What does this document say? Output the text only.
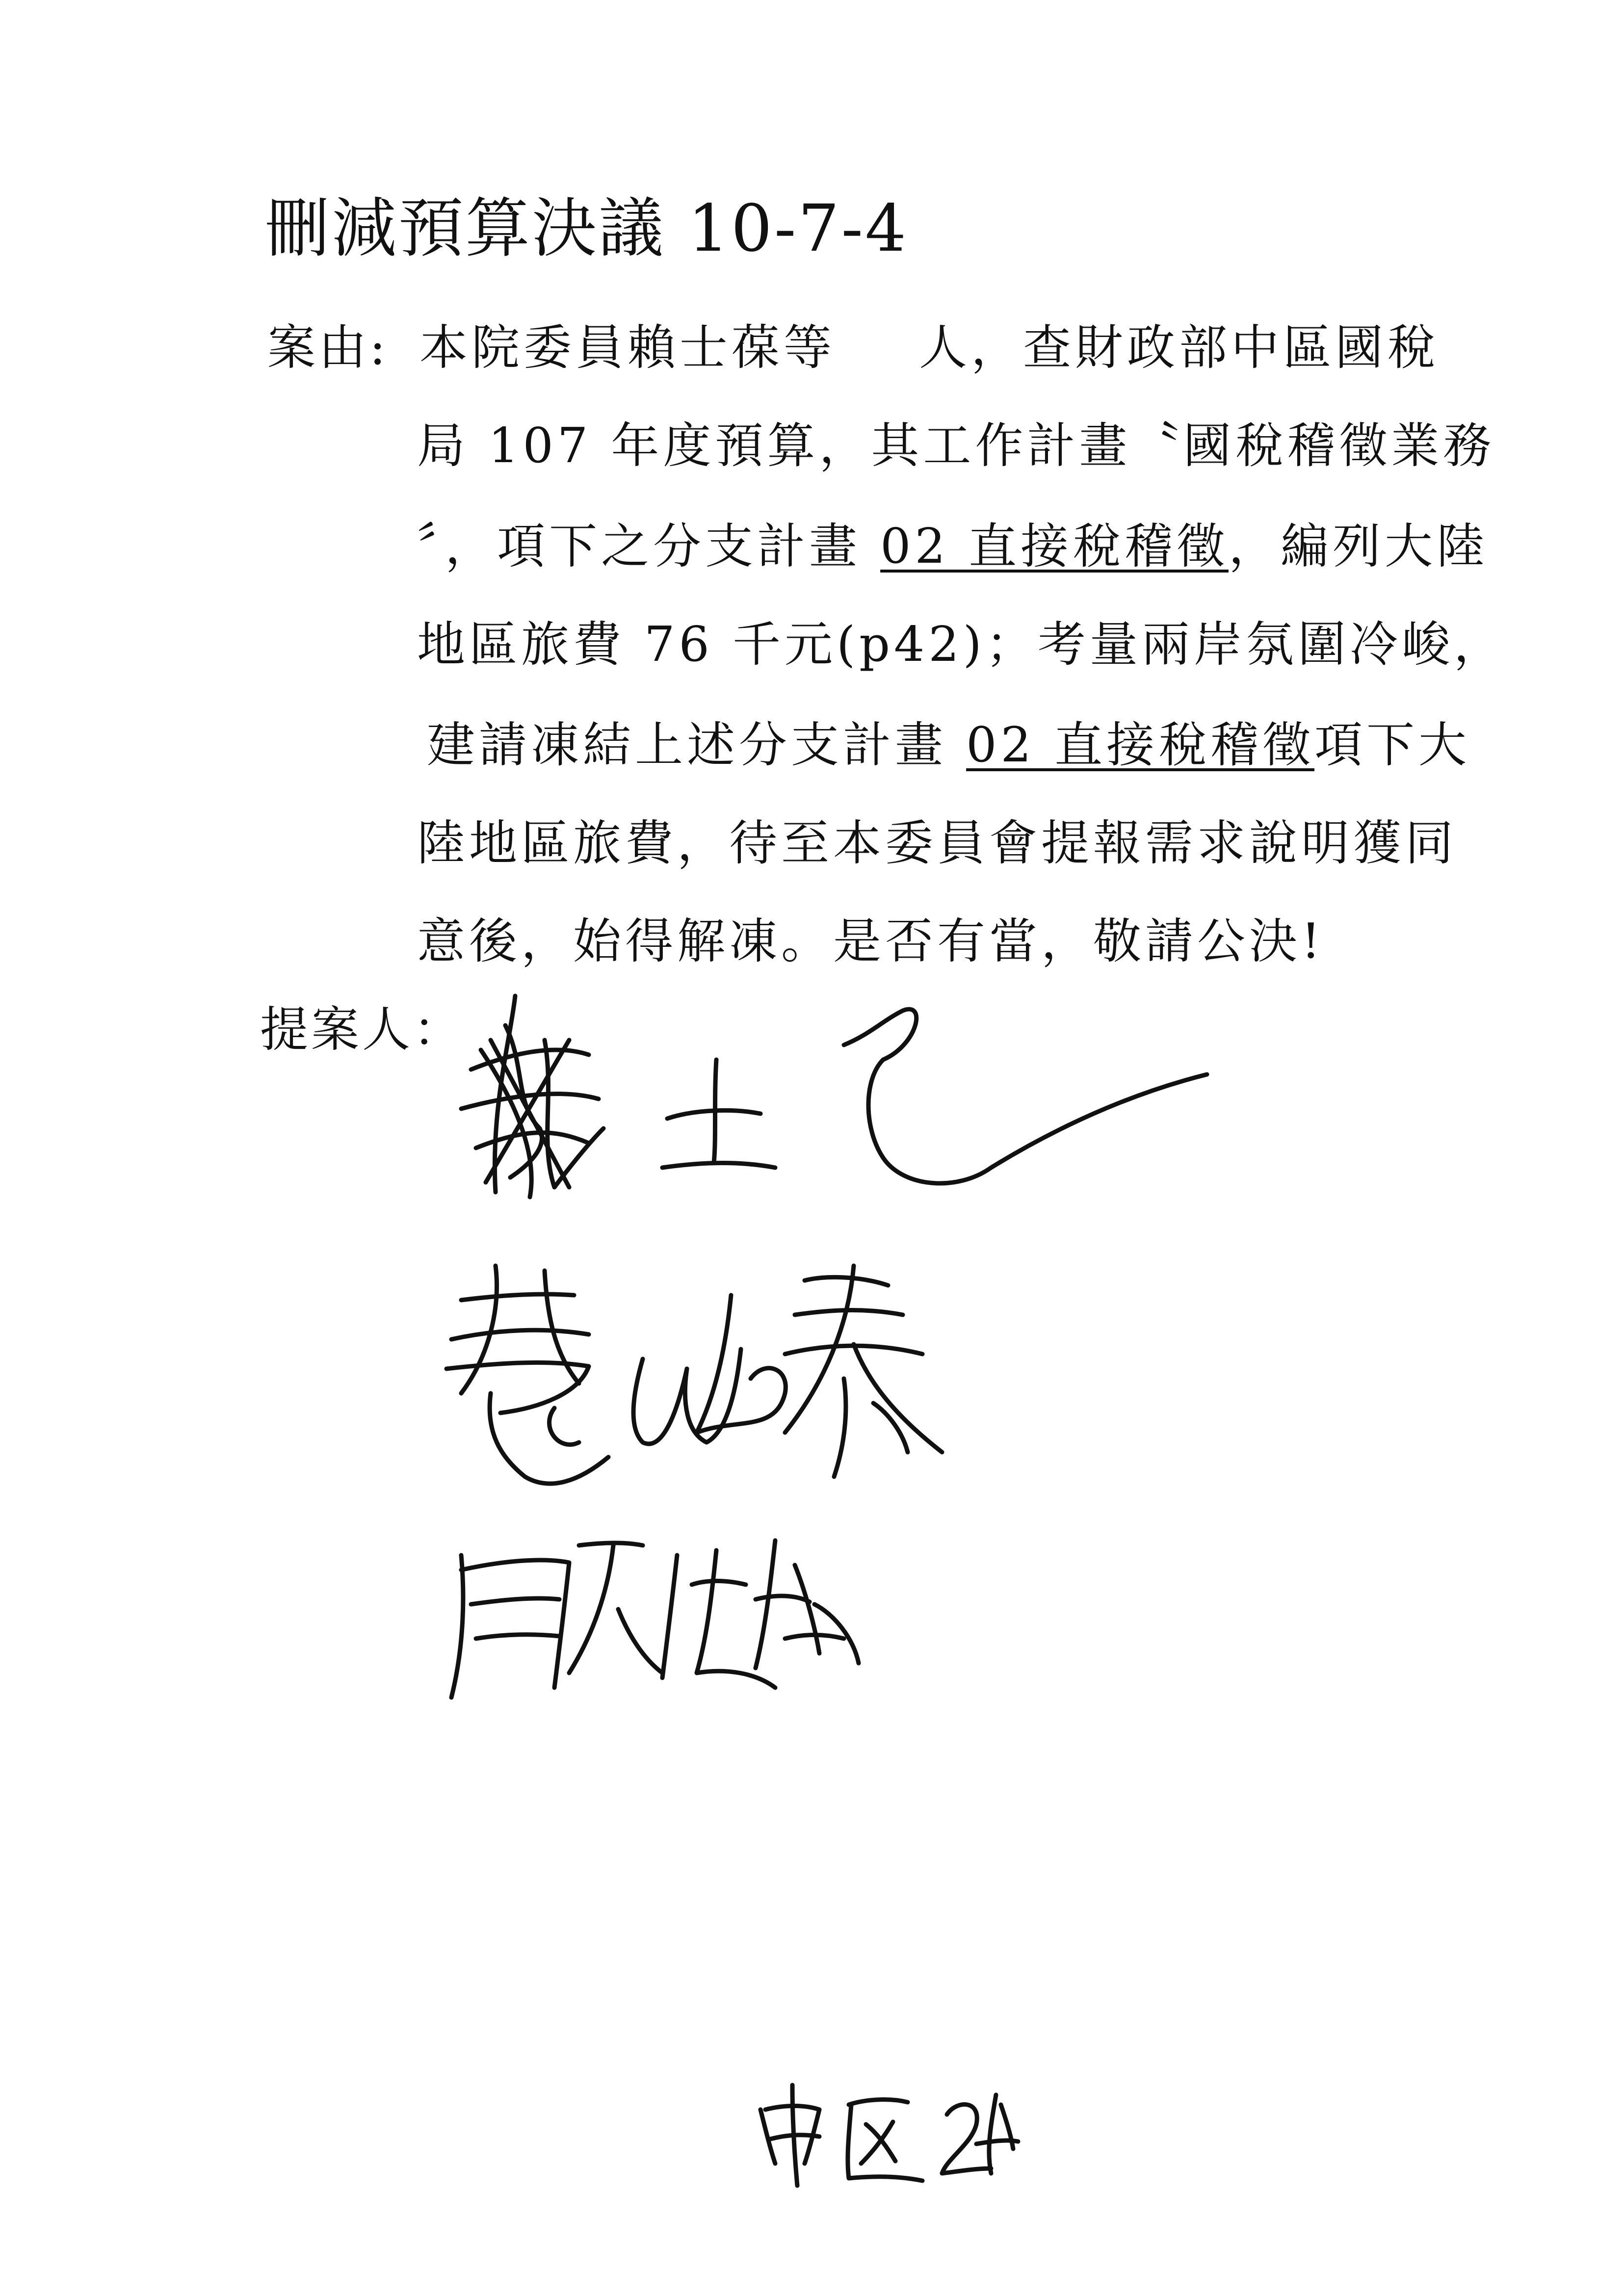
刪減預算決議 10-7-4
案由: 本院委員賴士葆等 人，查財政部中區國稅
局 107 年度預算，其工作計畫〝國稅稽徵業務
〞，項下之分支計畫 02 直接稅稽徵，編列大陸
地區旅費 76 千元(p42)；考量兩岸氛圍冷峻，
建請凍結上述分支計畫 02 直接稅稽徵項下大
陸地區旅費，待至本委員會提報需求說明獲同
意後，始得解凍。是否有當，敬請公決!
提案人：
